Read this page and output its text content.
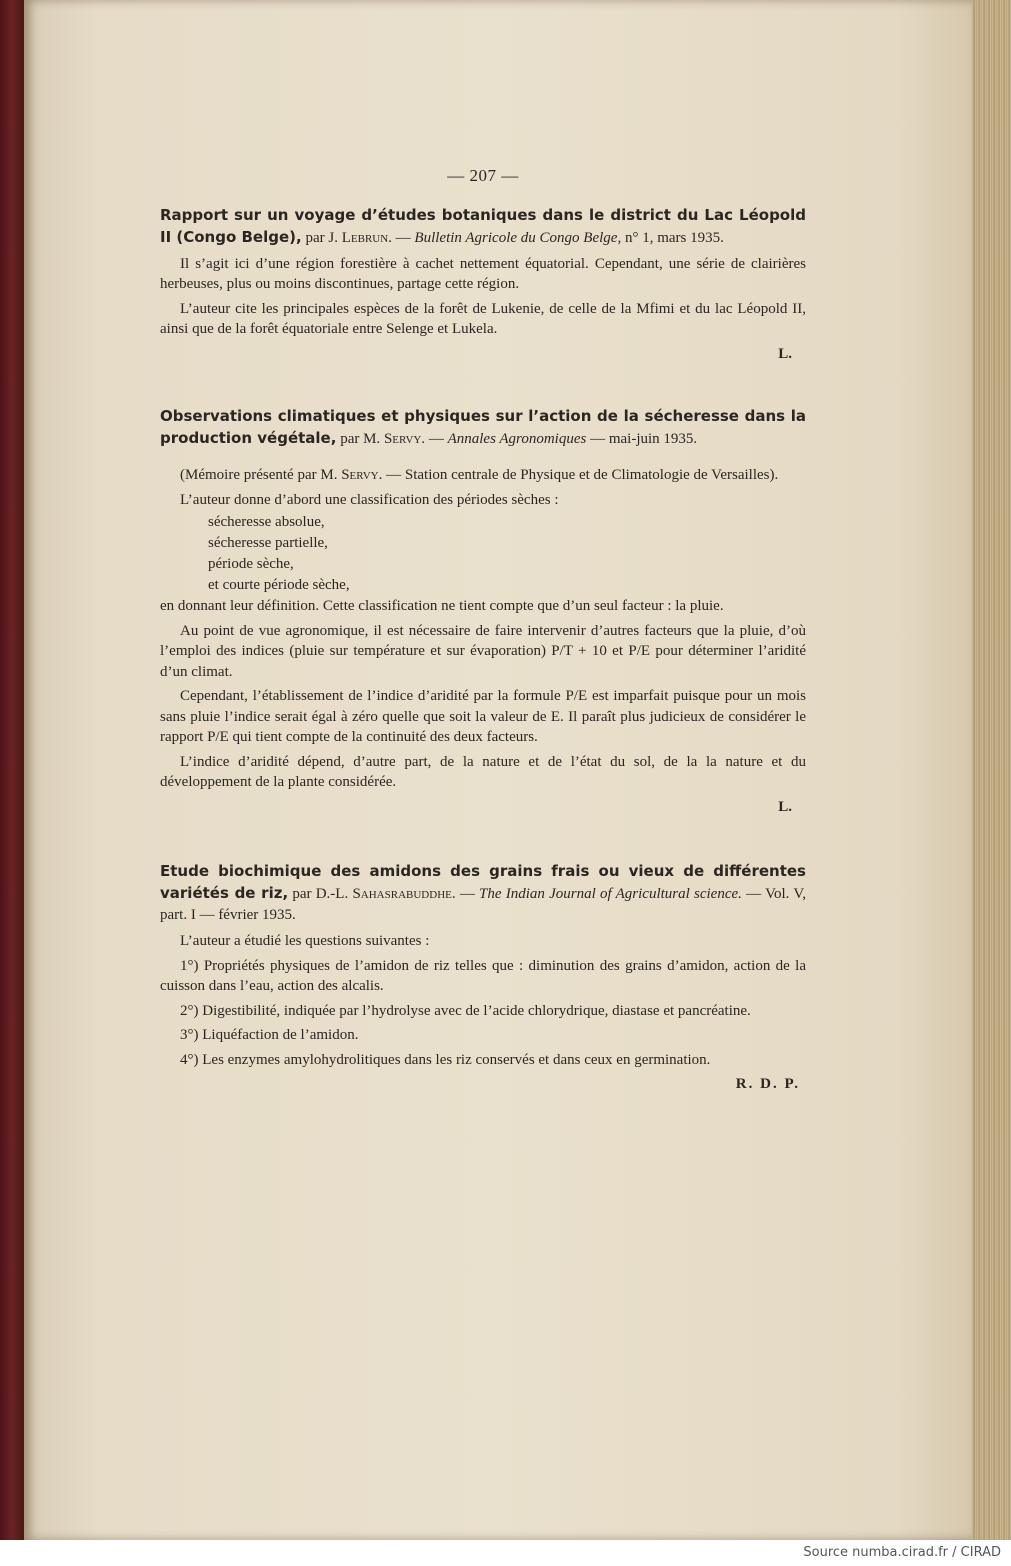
— 207 —
Rapport sur un voyage d’études botaniques dans le district du Lac Léopold II (Congo Belge), par J. Lebrun. — Bulletin Agricole du Congo Belge, n° 1, mars 1935.

Il s’agit ici d’une région forestière à cachet nettement équatorial. Cependant, une série de clairières herbeuses, plus ou moins discontinues, partage cette région.

L’auteur cite les principales espèces de la forêt de Lukenie, de celle de la Mfimi et du lac Léopold II, ainsi que de la forêt équatoriale entre Selenge et Lukela.

L.
Observations climatiques et physiques sur l’action de la sécheresse dans la production végétale, par M. Servy. — Annales Agronomiques — mai-juin 1935.

(Mémoire présenté par M. Servy. — Station centrale de Physique et de Climatologie de Versailles).

L’auteur donne d’abord une classification des périodes sèches :

sécheresse absolue,
sécheresse partielle,
période sèche,
et courte période sèche,

en donnant leur définition. Cette classification ne tient compte que d’un seul facteur : la pluie.

Au point de vue agronomique, il est nécessaire de faire intervenir d’autres facteurs que la pluie, d’où l’emploi des indices (pluie sur température et sur évaporation) P/T + 10 et P/E pour déterminer l’aridité d’un climat.

Cependant, l’établissement de l’indice d’aridité par la formule P/E est imparfait puisque pour un mois sans pluie l’indice serait égal à zéro quelle que soit la valeur de E. Il paraît plus judicieux de considérer le rapport P/E qui tient compte de la continuité des deux facteurs.

L’indice d’aridité dépend, d’autre part, de la nature et de l’état du sol, de la la nature et du développement de la plante considérée.

L.
Etude biochimique des amidons des grains frais ou vieux de différentes variétés de riz, par D.-L. Sahasrabuddhe. — The Indian Journal of Agricultural science. — Vol. V, part. I — février 1935.

L’auteur a étudié les questions suivantes :

1°) Propriétés physiques de l’amidon de riz telles que : diminution des grains d’amidon, action de la cuisson dans l’eau, action des alcalis.

2°) Digestibilité, indiquée par l’hydrolyse avec de l’acide chlorydrique, diastase et pancréatine.

3°) Liquéfaction de l’amidon.

4°) Les enzymes amylohydrolitiques dans les riz conservés et dans ceux en germination.

R. D. P.
Source numba.cirad.fr / CIRAD
